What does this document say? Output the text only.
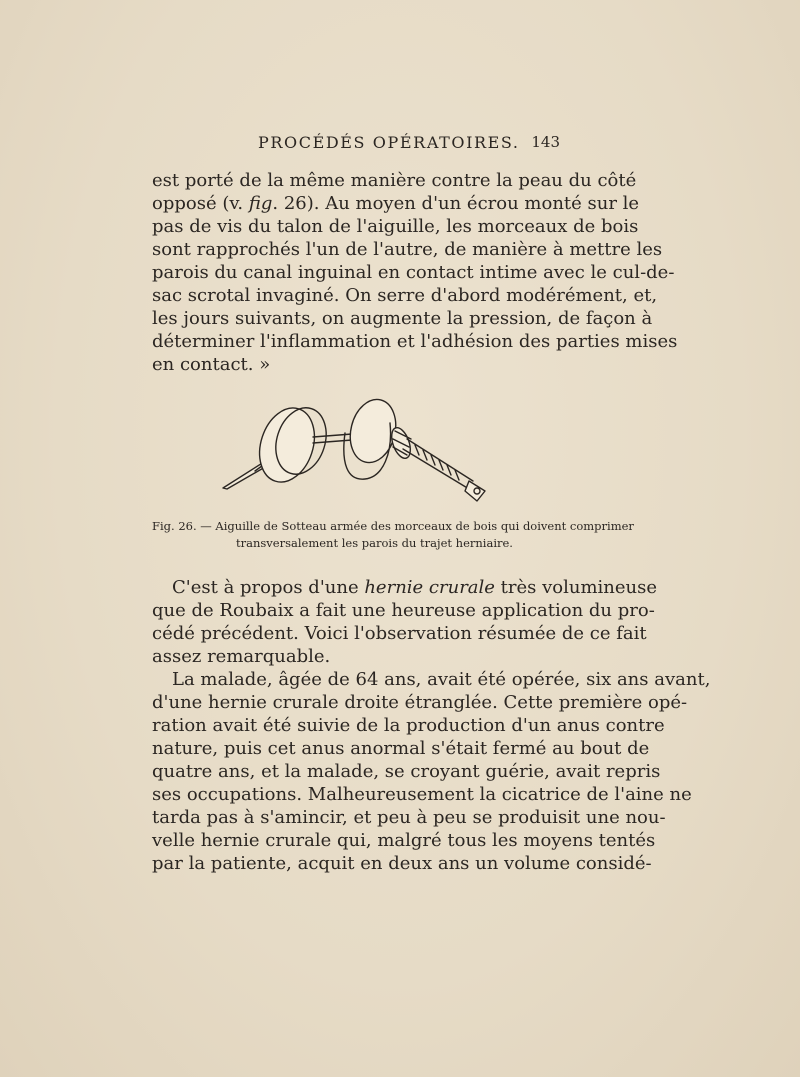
PROCÉDÉS OPÉRATOIRES. 143
est porté de la même manière contre la peau du côté
opposé (v. fig. 26). Au moyen d'un écrou monté sur le
pas de vis du talon de l'aiguille, les morceaux de bois
sont rapprochés l'un de l'autre, de manière à mettre les
parois du canal inguinal en contact intime avec le cul-de-
sac scrotal invaginé. On serre d'abord modérément, et,
les jours suivants, on augmente la pression, de façon à
déterminer l'inflammation et l'adhésion des parties mises
en contact. »
Fig. 26. — Aiguille de Sotteau armée des morceaux de bois qui doivent comprimer
transversalement les parois du trajet herniaire.
C'est à propos d'une hernie crurale très volumineuse
que de Roubaix a fait une heureuse application du pro-
cédé précédent. Voici l'observation résumée de ce fait
assez remarquable.
La malade, âgée de 64 ans, avait été opérée, six ans avant,
d'une hernie crurale droite étranglée. Cette première opé-
ration avait été suivie de la production d'un anus contre
nature, puis cet anus anormal s'était fermé au bout de
quatre ans, et la malade, se croyant guérie, avait repris
ses occupations. Malheureusement la cicatrice de l'aine ne
tarda pas à s'amincir, et peu à peu se produisit une nou-
velle hernie crurale qui, malgré tous les moyens tentés
par la patiente, acquit en deux ans un volume considé-
